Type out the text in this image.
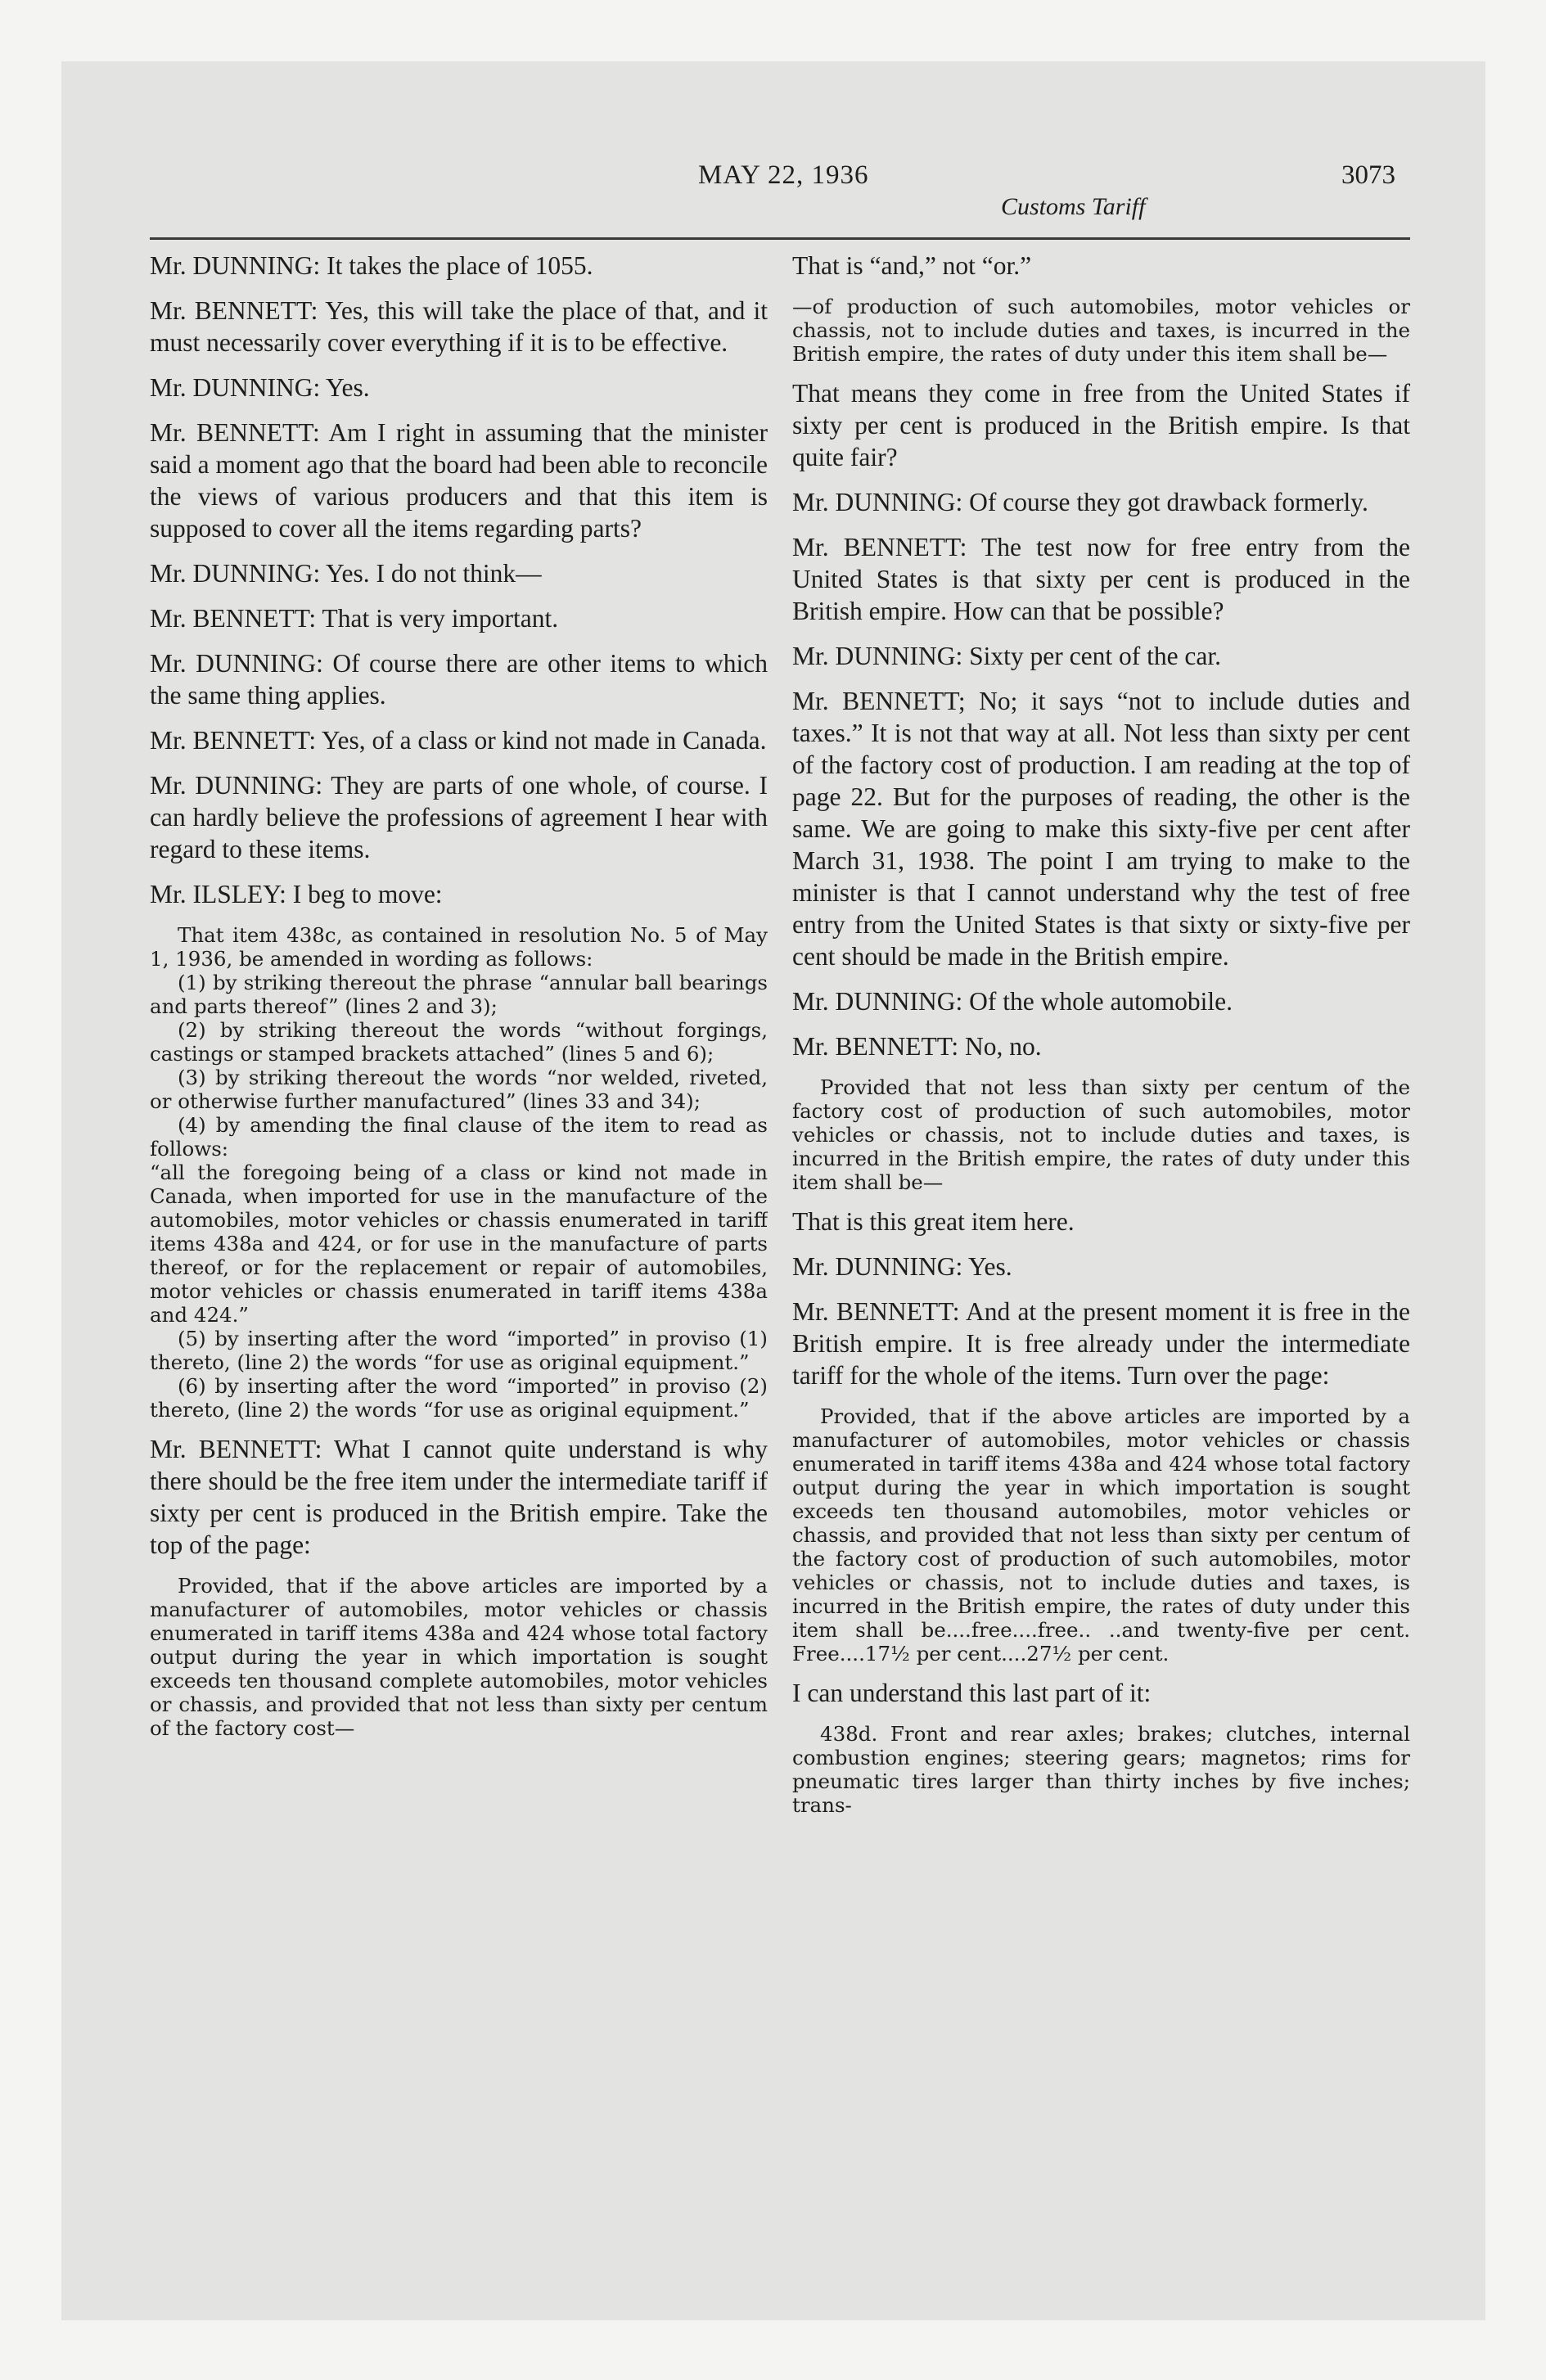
MAY 22, 1936
Customs Tariff
3073

Mr. DUNNING: It takes the place of 1055.

Mr. BENNETT: Yes, this will take the place of that, and it must necessarily cover everything if it is to be effective.

Mr. DUNNING: Yes.

Mr. BENNETT: Am I right in assuming that the minister said a moment ago that the board had been able to reconcile the views of various producers and that this item is supposed to cover all the items regarding parts?

Mr. DUNNING: Yes. I do not think—

Mr. BENNETT: That is very important.

Mr. DUNNING: Of course there are other items to which the same thing applies.

Mr. BENNETT: Yes, of a class or kind not made in Canada.

Mr. DUNNING: They are parts of one whole, of course. I can hardly believe the professions of agreement I hear with regard to these items.

Mr. ILSLEY: I beg to move:

That item 438c, as contained in resolution No. 5 of May 1, 1936, be amended in wording as follows:

(1) by striking thereout the phrase “annular ball bearings and parts thereof” (lines 2 and 3);

(2) by striking thereout the words “without forgings, castings or stamped brackets attached” (lines 5 and 6);

(3) by striking thereout the words “nor welded, riveted, or otherwise further manufactured” (lines 33 and 34);

(4) by amending the final clause of the item to read as follows:

“all the foregoing being of a class or kind not made in Canada, when imported for use in the manufacture of the automobiles, motor vehicles or chassis enumerated in tariff items 438a and 424, or for use in the manufacture of parts thereof, or for the replacement or repair of automobiles, motor vehicles or chassis enumerated in tariff items 438a and 424.”

(5) by inserting after the word “imported” in proviso (1) thereto, (line 2) the words “for use as original equipment.”

(6) by inserting after the word “imported” in proviso (2) thereto, (line 2) the words “for use as original equipment.”

Mr. BENNETT: What I cannot quite understand is why there should be the free item under the intermediate tariff if sixty per cent is produced in the British empire. Take the top of the page:

Provided, that if the above articles are imported by a manufacturer of automobiles, motor vehicles or chassis enumerated in tariff items 438a and 424 whose total factory output during the year in which importation is sought exceeds ten thousand complete automobiles, motor vehicles or chassis, and provided that not less than sixty per centum of the factory cost—

That is “and,” not “or.”

—of production of such automobiles, motor vehicles or chassis, not to include duties and taxes, is incurred in the British empire, the rates of duty under this item shall be—

That means they come in free from the United States if sixty per cent is produced in the British empire. Is that quite fair?

Mr. DUNNING: Of course they got drawback formerly.

Mr. BENNETT: The test now for free entry from the United States is that sixty per cent is produced in the British empire. How can that be possible?

Mr. DUNNING: Sixty per cent of the car.

Mr. BENNETT; No; it says “not to include duties and taxes.” It is not that way at all. Not less than sixty per cent of the factory cost of production. I am reading at the top of page 22. But for the purposes of reading, the other is the same. We are going to make this sixty-five per cent after March 31, 1938. The point I am trying to make to the minister is that I cannot understand why the test of free entry from the United States is that sixty or sixty-five per cent should be made in the British empire.

Mr. DUNNING: Of the whole automobile.

Mr. BENNETT: No, no.

Provided that not less than sixty per centum of the factory cost of production of such automobiles, motor vehicles or chassis, not to include duties and taxes, is incurred in the British empire, the rates of duty under this item shall be—

That is this great item here.

Mr. DUNNING: Yes.

Mr. BENNETT: And at the present moment it is free in the British empire. It is free already under the intermediate tariff for the whole of the items. Turn over the page:

Provided, that if the above articles are imported by a manufacturer of automobiles, motor vehicles or chassis enumerated in tariff items 438a and 424 whose total factory output during the year in which importation is sought exceeds ten thousand automobiles, motor vehicles or chassis, and provided that not less than sixty per centum of the factory cost of production of such automobiles, motor vehicles or chassis, not to include duties and taxes, is incurred in the British empire, the rates of duty under this item shall be....free....free.. ..and twenty-five per cent. Free....17½ per cent....27½ per cent.

I can understand this last part of it:

438d. Front and rear axles; brakes; clutches, internal combustion engines; steering gears; magnetos; rims for pneumatic tires larger than thirty inches by five inches; trans-
